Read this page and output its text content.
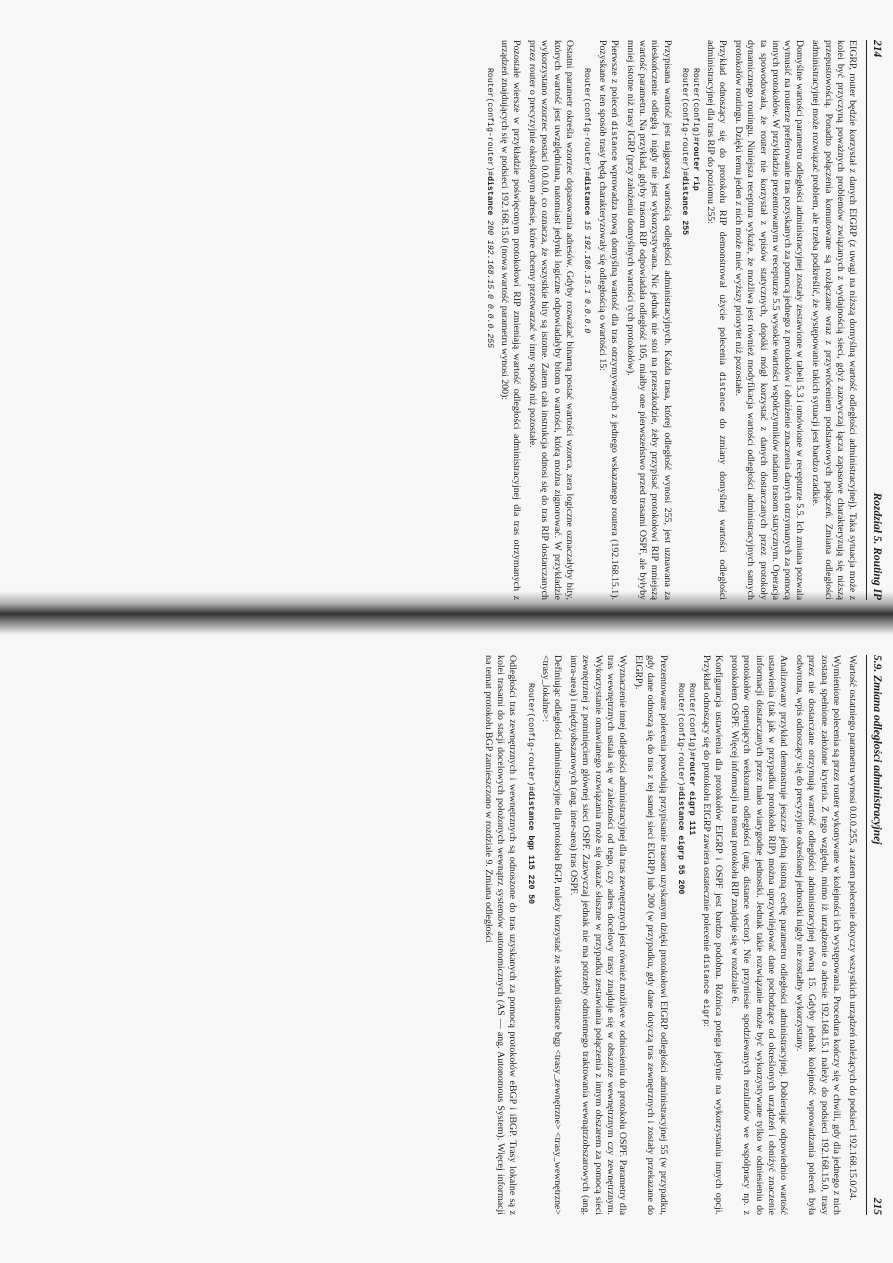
214
Rozdział 5. Routing IP

EIGRP, router będzie korzystał z danych EIGRP (z uwagi na niższą domyślną wartość odległości administracyjnej). Taka sytuacja może z kolei być przyczyną poważnych problemów związanych z wydajnością sieci, gdyż zazwyczaj łącza zapasowe charakteryzują się niższą przepustowością. Ponadto połączenia komutowane są rozłączane wraz z przywróceniem podstawowych połączeń. Zmiana odległości administracyjnej może rozwiązać problem, ale trzeba podkreślić, że występowanie takich sytuacji jest bardzo rzadkie.

Domyślne wartości parametru odległości administracyjnej zostały zestawione w tabeli 5.3 i omówione w recepturze 5.5. Ich zmiana pozwala wymusić na routerze preferowanie tras pozyskanych za pomocą jednego z protokołów i obniżenie znaczenia danych otrzymanych za pomocą innych protokołów. W przykładzie prezentowanym w recepturze 5.5 wysokie wartości współczynników nadano trasom statycznym. Operacja ta spowodowała, że router nie korzystał z wpisów statycznych, dopóki mógł korzystać z danych dostarczanych przez protokoły dynamicznego routingu. Niniejsza receptura wykaże, że możliwa jest również modyfikacja wartości odległości administracyjnych samych protokołów routingu. Dzięki temu jeden z nich może mieć wyższy priorytet niż pozostałe.

Przykład odnoszący się do protokołu RIP demonstrował użycie polecenia distance do zmiany domyślnej wartości odległości administracyjnej dla tras RIP do poziomu 255:

Router(config)#router rip
Router(config-router)#distance 255

Przypisana wartość jest najgorszą wartością odległości administracyjnych. Każda trasa, której odległość wynosi 255, jest uznawana za nieskończenie odległą i nigdy nie jest wykorzystywana. Nic jednak nie stoi na przeszkodzie, żeby przypisać protokołowi RIP mniejszą wartość parametru. Na przykład, gdyby trasom RIP odpowiadała odległość 105, miałby one pierwszeństwo przed trasami OSPF, ale byłyby mniej istotne niż trasy IGRP (przy założeniu domyślnych wartości tych protokołów).

Pierwsze z poleceń distance wprowadza nową domyślną wartość dla tras otrzymywanych z jednego wskazanego routera (192.168.15.1). Pozyskane w ten sposób trasy będą charakteryzowały się odległością o wartości 15:

Router(config-router)#distance 15 192.168.15.1 0.0.0.0

Ostatni parametr określa wzorzec dopasowania adresów. Gdyby rozważać binarną postać wartości wzorca, zera logiczne oznaczałyby bity, których wartość jest uwzględniana, natomiast jedynki logiczne odpowiadałyby bitom o wartości, którą można zignorować. W przykładzie wykorzystano wzorzec postaci 0.0.0.0, co oznacza, że wszystkie bity są istotne. Zatem cała instrukcja odnosi się do tras RIP dostarczanych przez router o precyzyjnie określonym adresie, które chcemy przetwarzać w inny sposób niż pozostałe.

Pozostałe wiersze w przykładzie poświęconym protokołowi RIP zmieniają wartość odległości administracyjnej dla tras otrzymanych z urządzeń znajdujących się w podsieci 192.168.15.0 (nowa wartość parametru wynosi 200):

Router(config-router)#distance 200 192.168.15.0 0.0.0.255
5.9. Zmiana odległości administracyjnej
215

Wartość ostatniego parametru wynosi 0.0.0.255, a zatem polecenie dotyczy wszystkich urządzeń należących do podsieci 192.168.15.0/24.

Wymienione polecenia są przez router wykonywane w kolejności ich występowania. Procedura kończy się w chwili, gdy dla jednego z nich zostaną spełnione założone kryteria. Z tego względu, mimo iż urządzenie o adresie 192.168.15.1 należy do podsieci 192.168.15.0, trasy przez nie dostarczane otrzymują wartość odległości administracyjnej równą 15. Gdyby jednak kolejność wprowadzania poleceń była odwrotna, wpis odnoszący się do precyzyjnie określonej jednostki nigdy nie zostałby wykorzystany.

Analizowany przykład demonstruje jeszcze jedną istotną cechę parametru odległości administracyjnej. Dobierając odpowiednio wartość ustawienia (tak jak w przypadku protokołu RIP) można uprzywilejować dane pochodzące od określonych urządzeń i obniżyć znaczenie informacji dostarczanych przez mało wiarygodne jednostki. Jednak takie rozwiązanie może być wykorzystywane tylko w odniesieniu do protokołów operujących wektorami odległości (ang. distance vector). Nie przyniesie spodziewanych rezultatów we współpracy np. z protokołem OSPF. Więcej informacji na temat protokołu RIP znajduje się w rozdziale 6.

Konfiguracja ustawienia dla protokołów EIGRP i OSPF jest bardzo podobna. Różnica polega jedynie na wykorzystaniu innych opcji. Przykład odnoszący się do protokołu EIGRP zawiera ostatecznie polecenie distance eigrp:

Router(config)#router eigrp 111
Router(config-router)#distance eigrp 55 200

Prezentowane polecenia powodują przypisanie trasom uzyskanym dzięki protokołowi EIGRP odległości administracyjnej 55 (w przypadku, gdy dane odnoszą się do tras z tej samej sieci EIGRP) lub 200 (w przypadku, gdy dane dotyczą tras zewnętrznych i zostały przekazane do EIGRP).

Wyznaczenie innej odległości administracyjnej dla tras zewnętrznych jest również możliwe w odniesieniu do protokołu OSPF. Parametry dla tras wewnętrznych ustala się w zależności od tego, czy adres docelowy trasy znajduje się w obszarze wewnętrznym czy zewnętrznym. Wykorzystanie omawianego rozwiązania może się okazać słuszne w przypadku zestawiania połączenia z innym obszarem za pomocą sieci zewnętrznej z pominięciem głównej sieci OSPF. Zazwyczaj jednak nie ma potrzeby odmiennego traktowania wewnątrzobszarowych (ang. intra-area) i międzyobszarowych (ang. inter-area) tras OSPF.

Definiując odległości administracyjne dla protokołu BGP, należy korzystać ze składni distance bgp <trasy_zewnętrzne> <trasy_wewnętrzne> <trasy_lokalne>:

Router(config-router)#distance bgp 115 220 50

Odległości tras zewnętrznych i wewnętrznych są odnoszone do tras uzyskanych za pomocą protokołów eBGP i iBGP. Trasy lokalne są z kolei trasami do stacji docelowych położonych wewnątrz systemów autonomicznych (AS — ang. Autonomous System). Więcej informacji na temat protokołu BGP zamieszczono w rozdziale 9. Zmiana odległości
